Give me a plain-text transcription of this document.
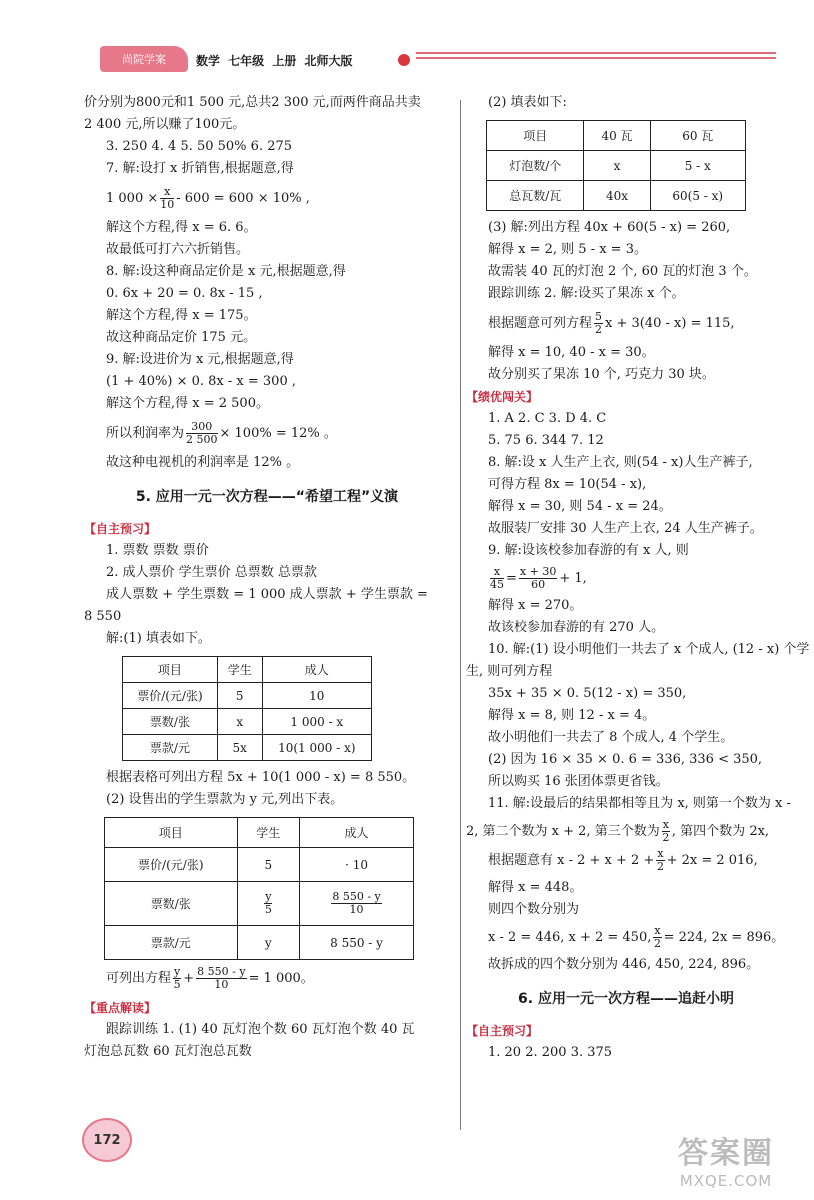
尚院学案	数学 七年级 上册 北师大版

价分别为800元和1 500 元,总共2 300 元,而两件商品共卖

2 400 元,所以赚了100元。

3. 250 4. 4 5. 50 50% 6. 275

7. 解:设打 x 折销售,根据题意,得

1 $000 \times \frac{x}{10} - 600 = 600 \times 10\%$ ,

解这个方程,得 x = 6. 6。

故最低可打六六折销售。

8. 解:设这种商品定价是 x 元,根据题意,得

0. 6x + 20 = 0. 8x - 15 ,

解这个方程,得 x = 175。

故这种商品定价 175 元。

9. 解:设进价为 x 元,根据题意,得

(1 + 40%) × 0. 8x - x = 300 ,

解这个方程,得 x = 2 500。

所以利润率为 $\frac{300}{2 500} \times 100\% = 12\%$ 。

故这种电视机的利润率是 12% 。

5. 应用一元一次方程——“希望工程”义演

【自主预习】

1. 票数 票数 票价

2. 成人票价 学生票价 总票数 总票款

成人票数 + 学生票数 = 1 000 成人票款 + 学生票款 =

8 550

解:(1) 填表如下。

项目	学生	成人
票价/(元/张)	5	10
票数/张	x	1 000 - x
票款/元	5x	10(1 000 - x)

根据表格可列出方程 5x + 10(1 000 - x) = 8 550。

(2) 设售出的学生票款为 y 元,列出下表。

项目	学生	成人
票价/(元/张)	5	· 10
票数/张	$\frac{y}{5}$	$\frac{8 550 - y}{10}$

票款/元	y	8 550 - y

可列出方程 $\frac{y}{5} + \frac{8 550 - y}{10} = 1$ 000。

【重点解读】

跟踪训练 1. (1) 40 瓦灯泡个数 60 瓦灯泡个数 40 瓦

灯泡总瓦数 60 瓦灯泡总瓦数

(2) 填表如下:

项目	40 瓦	60 瓦
灯泡数/个	x	5 - x
总瓦数/瓦	40x	60(5 - x)

(3) 解:列出方程 40x + 60(5 - x) = 260,

解得 x = 2, 则 5 - x = 3。

故需装 40 瓦的灯泡 2 个, 60 瓦的灯泡 3 个。

跟踪训练 2. 解:设买了果冻 x 个。

根据题意可列方程 $\frac{5}{2}$ x + 3(40 - x) = 115,

解得 x = 10, 40 - x = 30。

故分别买了果冻 10 个, 巧克力 30 块。

【绩优闯关】

1. A 2. C 3. D 4. C

5. 75 6. 344 7. 12

8. 解:设 x 人生产上衣, 则(54 - x)人生产裤子,

可得方程 8x = 10(54 - x),

解得 x = 30, 则 54 - x = 24。

故服装厂安排 30 人生产上衣, 24 人生产裤子。

9. 解:设该校参加春游的有 x 人, 则

$\frac{x}{45} = \frac{x + 30}{60} + 1$,

解得 x = 270。

故该校参加春游的有 270 人。

10. 解:(1) 设小明他们一共去了 x 个成人, (12 - x) 个学

生, 则可列方程

35x + 35 × 0. 5(12 - x) = 350,

解得 x = 8, 则 12 - x = 4。

故小明他们一共去了 8 个成人, 4 个学生。

(2) 因为 16 × 35 × 0. 6 = 336, 336 < 350,

所以购买 16 张团体票更省钱。

11. 解:设最后的结果都相等且为 x, 则第一个数为 x -

2, 第二个数为 x + 2, 第三个数为 $\frac{x}{2}$ , 第四个数为 2x,

根据题意有 $x - 2 + x + 2 + \frac{x}{2} + 2x = 2$ 016,

解得 x = 448。

则四个数分别为

x - 2 = 446, x + 2 = 450, $\frac{x}{2} = 224$, 2x = 896。

故拆成的四个数分别为 446, 450, 224, 896。

6. 应用一元一次方程——追赶小明

【自主预习】

1. 20 2. 200 3. 375

172	答案圈
MXQE.COM
